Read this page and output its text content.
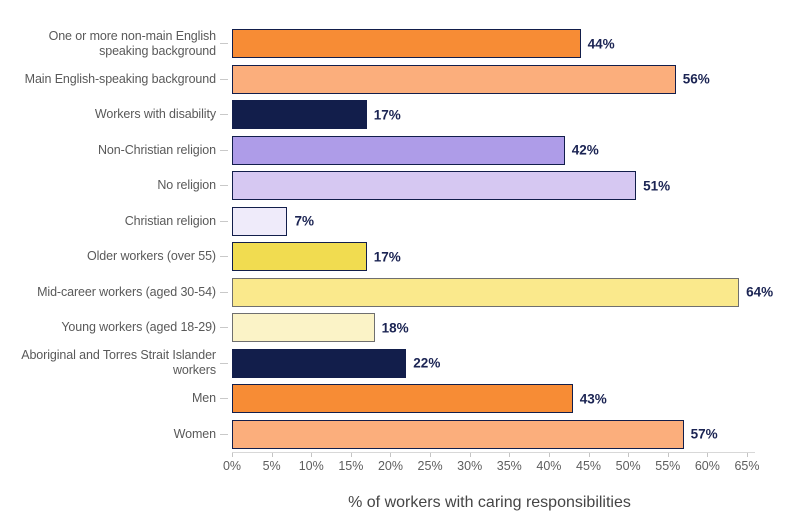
One or more non-main English speaking background	44%
Main English-speaking background	56%
Workers with disability	17%
Non-Christian religion	42%
No religion	51%
Christian religion	7%
Older workers (over 55)	17%
Mid-career workers (aged 30-54)	64%
Young workers (aged 18-29)	18%
Aboriginal and Torres Strait Islander workers	22%
Men	43%
Women	57%
0% 5% 10% 15% 20% 25% 30% 35% 40% 45% 50% 55% 60% 65%
% of workers with caring responsibilities
